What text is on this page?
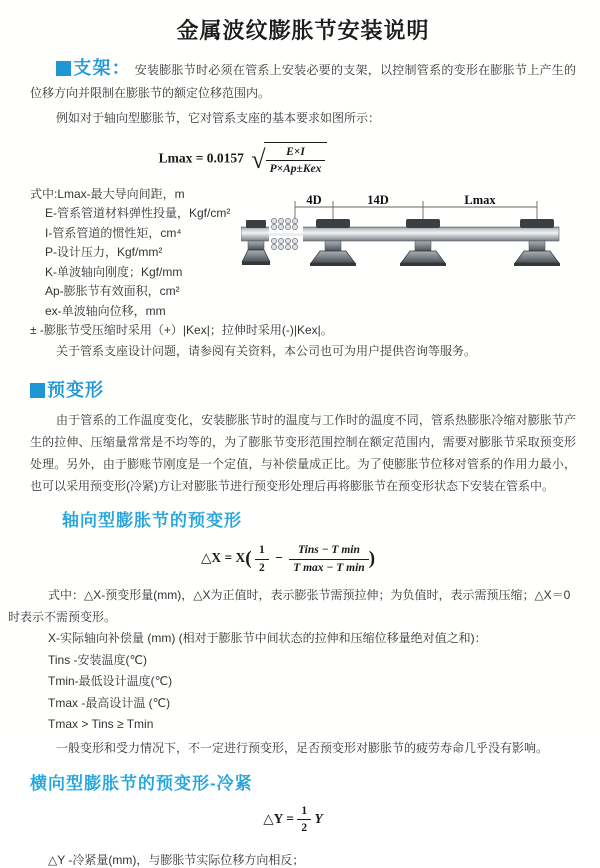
金属波纹膨胀节安装说明

支架： 安装膨胀节时必须在管系上安装必要的支架，以控制管系的变形在膨胀节上产生的位移方向并限制在膨胀节的额定位移范围内。

例如对于轴向型膨胀节，它对管系支座的基本要求如图所示：

Lmax = 0.0157 √ $\frac{E\times I}{\text{P×Ap±Kex}}$
式中:Lmax-最大导向间距，m
E-管系管道材料弹性投量，Kgf/cm²
I-管系管道的惯性矩，cm⁴
P-设计压力，Kgf/mm²
K-单波轴向刚度；Kgf/mm
Ap-膨胀节有效面积，cm²
ex-单波轴向位移，mm
± -膨胀节受压缩时采用（+）|Kex|；拉伸时采用(-)|Kex|。
关于管系支座设计问题，请参阅有关资料，本公司也可为用户提供咨询等服务。
4D	14D	Lmax
预变形

由于管系的工作温度变化，安装膨胀节时的温度与工作时的温度不同，管系热膨胀冷缩对膨胀节产生的拉伸、压缩量常常是不均等的，为了膨胀节变形范围控制在额定范围内，需要对膨胀节采取预变形处理。另外，由于膨账节刚度是一个定值，与补偿量成正比。为了使膨胀节位移对管系的作用力最小，也可以采用预变形(冷紧)方让对膨胀节进行预变形处理后再将膨胀节在预变形状态下安装在管系中。

轴向型膨胀节的预变形
△X = $X( \frac{1}{2} - \frac{\text{Tins − T min}}{\text{T max − T min}}$ )

式中：△X-预变形量(mm)，△X为正值时，表示膨张节需预拉伸；为负值时，表示需预压缩；△X＝0时表示不需预变形。

X-实际轴向补偿量 (mm) (相对于膨胀节中间状态的拉伸和压缩位移量绝对值之和)：
Tins -安装温度(℃)
Tmin-最低设计温度(℃)
Tmax -最高设计温 (℃)
Tmax > Tins ≥ Tmin

一般变形和受力情况下，不一定进行预变形，足否预变形对膨胀节的疲劳寿命几乎没有影响。

横向型膨胀节的预变形-冷紧
△Y = $\frac{1}{2}$ Y

△Y -冷紧量(mm)，与膨胀节实际位移方向相反；
